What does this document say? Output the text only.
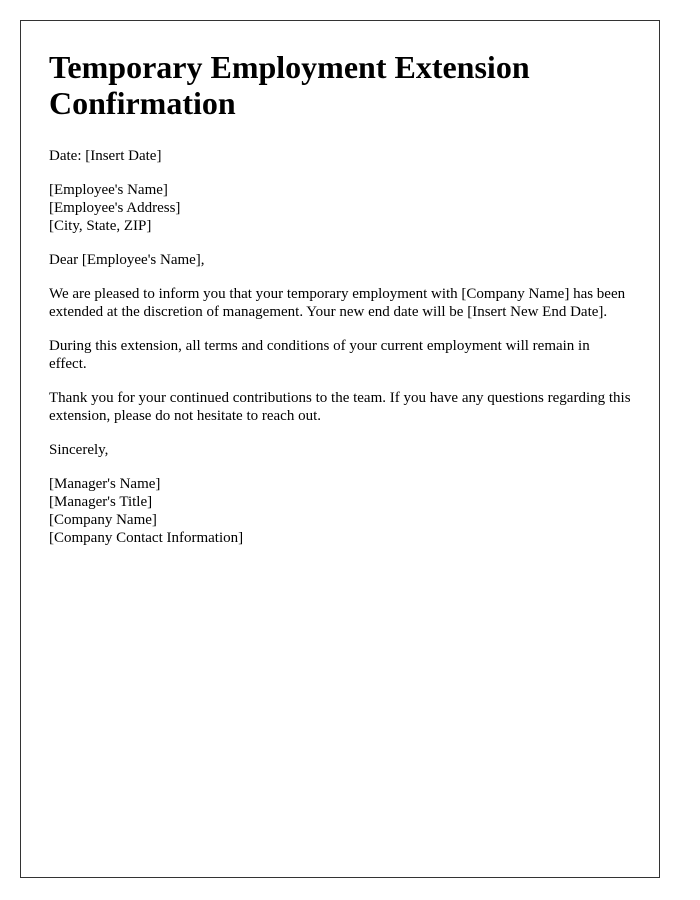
Temporary Employment Extension Confirmation

Date: [Insert Date]

[Employee's Name]
[Employee's Address]
[City, State, ZIP]

Dear [Employee's Name],

We are pleased to inform you that your temporary employment with [Company Name] has been extended at the discretion of management. Your new end date will be [Insert New End Date].

During this extension, all terms and conditions of your current employment will remain in effect.

Thank you for your continued contributions to the team. If you have any questions regarding this extension, please do not hesitate to reach out.

Sincerely,

[Manager's Name]
[Manager's Title]
[Company Name]
[Company Contact Information]
